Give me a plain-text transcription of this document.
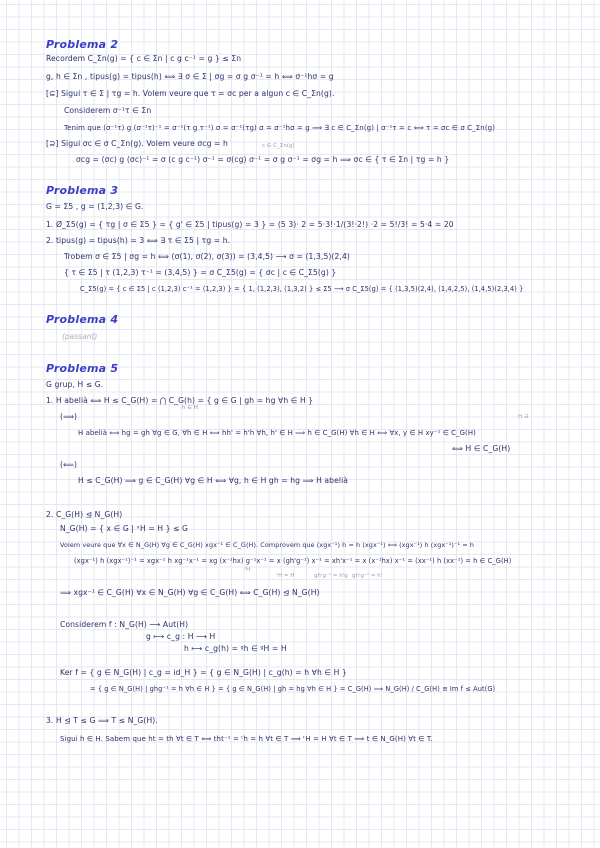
Problema 2
Recordem C_Σn(g) = { c ∈ Σn | c g c⁻¹ = g } ≤ Σn
g, h ∈ Σn , tipus(g) = tipus(h) ⟺ ∃ σ ∈ Σ | σg = σ g σ⁻¹ = h ⟺ σ⁻¹hσ = g
[⊆] Sigui τ ∈ Σ | τg = h. Volem veure que τ = σc per a algun c ∈ C_Σn(g).
Considerem σ⁻¹τ ∈ Σn
Tenim que (σ⁻¹τ) g (σ⁻¹τ)⁻¹ = σ⁻¹(τ g τ⁻¹) σ = σ⁻¹(τg) σ = σ⁻¹hσ = g ⟹ ∃ c ∈ C_Σn(g) | σ⁻¹τ = c ⟺ τ = σc ∈ σ C_Σn(g)
[⊇] Sigui σc ∈ σ C_Σn(g). Volem veure σcg = h	c ∈ C_Σn(g)
σcg = (σc) g (σc)⁻¹ = σ (c g c⁻¹) σ⁻¹ = σ(cg) σ⁻¹ = σ g σ⁻¹ = σg = h ⟹ σc ∈ { τ ∈ Σn | τg = h }
Problema 3
G = Σ5 , g = (1,2,3) ∈ G.
1. Ø_Σ5(g) = { τg | σ ∈ Σ5 } = { g' ∈ Σ5 | tipus(g) = 3 } = (5 3)· 2 = 5·3!·1/(3!·2!) ·2 = 5!/3! = 5·4 = 20
2. tipus(g) = tipus(h) = 3 ⟺ ∃ τ ∈ Σ5 | τg = h.
Trobem σ ∈ Σ5 | σg = h ⟺ (σ(1), σ(2), σ(3)) = (3,4,5) ⟶ σ = (1,3,5)(2,4)
{ τ ∈ Σ5 | τ (1,2,3) τ⁻¹ = (3,4,5) } = σ C_Σ5(g) = { σc | c ∈ C_Σ5(g) }
C_Σ5(g) = { c ∈ Σ5 | c (1,2,3) c⁻¹ = (1,2,3) } = { 1, (1,2,3), (1,3,2) } ≤ Σ5 ⟶ σ C_Σ5(g) = { (1,3,5)(2,4), (1,4,2,5), (1,4,5)(2,3,4) }
Problema 4
(passant)
Problema 5
G grup, H ≤ G.
1. H abelià ⟺ H ≤ C_G(H) = ⋂ C_G(h) = { g ∈ G | gh = hg ∀h ∈ H }
h ∈ H
(⟹)	H ∋
H abelià ⟺ hg = gh ∀g ∈ G, ∀h ∈ H ⟺ hh' = h'h ∀h, h' ∈ H ⟹ h ∈ C_G(H) ∀h ∈ H ⟺ ∀x, y ∈ H xy⁻¹ ∈ C_G(H)
⟺ H ∈ C_G(H)
(⟸)
H ≤ C_G(H) ⟹ g ∈ C_G(H) ∀g ∈ H ⟺ ∀g, h ∈ H gh = hg ⟹ H abelià
2. C_G(H) ⊴ N_G(H)
N_G(H) = { x ∈ G | ˣH = H } ≤ G
Volem veure que ∀x ∈ N_G(H) ∀g ∈ C_G(H) xgx⁻¹ ∈ C_G(H). Comprovem que (xgx⁻¹) h = h (xgx⁻¹) ⟺ (xgx⁻¹) h (xgx⁻¹)⁻¹ = h
(xgx⁻¹) h (xgx⁻¹)⁻¹ = xgx⁻¹ h xg⁻¹x⁻¹ = xg (x⁻¹hx) g⁻¹x⁻¹ = x (gh'g⁻¹) x⁻¹ = xh'x⁻¹ = x (x⁻¹hx) x⁻¹ = (xx⁻¹) h (xx⁻¹) = h ∈ C_G(H)
ᶜH
ᶜH = H	gh'g⁻¹ = h'g gh'g⁻¹ = h'
⟹ xgx⁻¹ ∈ C_G(H) ∀x ∈ N_G(H) ∀g ∈ C_G(H) ⟺ C_G(H) ⊴ N_G(H)
Considerem f : N_G(H) ⟶ Aut(H)
g ⟼ c_g : H ⟶ H
h ⟼ c_g(h) = ᵍh ∈ ᵍH = H
Ker f = { g ∈ N_G(H) | c_g = id_H } = { g ∈ N_G(H) | c_g(h) = h ∀h ∈ H }
= { g ∈ N_G(H) | ghg⁻¹ = h ∀h ∈ H } = { g ∈ N_G(H) | gh = hg ∀h ∈ H } = C_G(H) ⟹ N_G(H) / C_G(H) ≅ Im f ≤ Aut(G)
3. H ⊴ T ≤ G ⟹ T ≤ N_G(H).
Sigui h ∈ H. Sabem que ht = th ∀t ∈ T ⟺ tht⁻¹ = ᵗh = h ∀t ∈ T ⟹ ᵗH = H ∀t ∈ T ⟹ t ∈ N_G(H) ∀t ∈ T.
